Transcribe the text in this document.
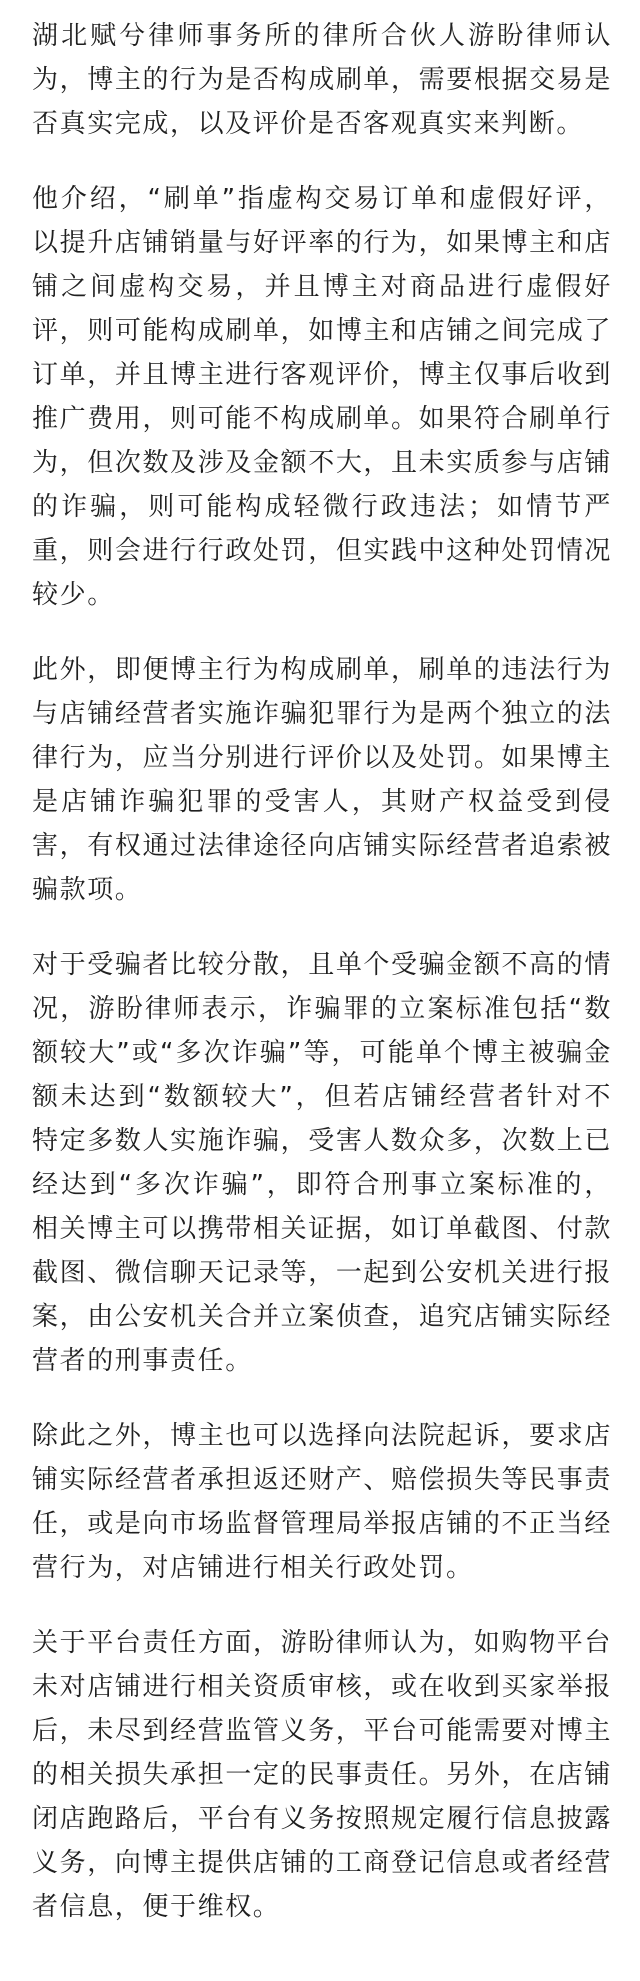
湖北赋兮律师事务所的律所合伙人游盼律师认为，博主的行为是否构成刷单，需要根据交易是否真实完成，以及评价是否客观真实来判断。

他介绍，“刷单”指虚构交易订单和虚假好评，以提升店铺销量与好评率的行为，如果博主和店铺之间虚构交易，并且博主对商品进行虚假好评，则可能构成刷单，如博主和店铺之间完成了订单，并且博主进行客观评价，博主仅事后收到推广费用，则可能不构成刷单。如果符合刷单行为，但次数及涉及金额不大，且未实质参与店铺的诈骗，则可能构成轻微行政违法；如情节严重，则会进行行政处罚，但实践中这种处罚情况较少。

此外，即便博主行为构成刷单，刷单的违法行为与店铺经营者实施诈骗犯罪行为是两个独立的法律行为，应当分别进行评价以及处罚。如果博主是店铺诈骗犯罪的受害人，其财产权益受到侵害，有权通过法律途径向店铺实际经营者追索被骗款项。

对于受骗者比较分散，且单个受骗金额不高的情况，游盼律师表示，诈骗罪的立案标准包括“数额较大”或“多次诈骗”等，可能单个博主被骗金额未达到“数额较大”，但若店铺经营者针对不特定多数人实施诈骗，受害人数众多，次数上已经达到“多次诈骗”，即符合刑事立案标准的，相关博主可以携带相关证据，如订单截图、付款截图、微信聊天记录等，一起到公安机关进行报案，由公安机关合并立案侦查，追究店铺实际经营者的刑事责任。

除此之外，博主也可以选择向法院起诉，要求店铺实际经营者承担返还财产、赔偿损失等民事责任，或是向市场监督管理局举报店铺的不正当经营行为，对店铺进行相关行政处罚。

关于平台责任方面，游盼律师认为，如购物平台未对店铺进行相关资质审核，或在收到买家举报后，未尽到经营监管义务，平台可能需要对博主的相关损失承担一定的民事责任。另外，在店铺闭店跑路后，平台有义务按照规定履行信息披露义务，向博主提供店铺的工商登记信息或者经营者信息，便于维权。
